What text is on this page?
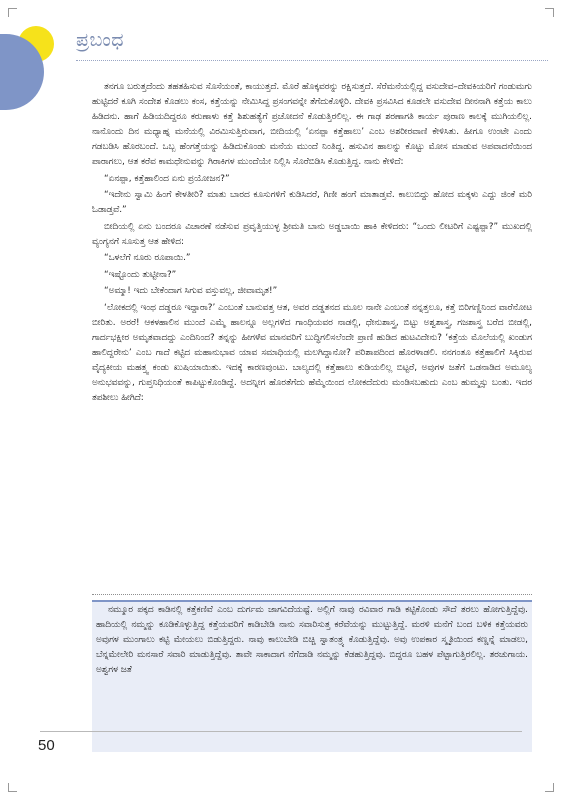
ಪ್ರಬಂಧ

ತನಗೂ ಬರುತ್ತದೆಂದು ತಹತಹಿಸುವ ಸೊಸೆಯಂತೆ, ಕಾಯುತ್ತದೆ. ಮೊರೆ ಹೊಕ್ಕವರನ್ನು ರಕ್ಷಿಸುತ್ತದೆ. ಸೆರೆಮನೆಯಲ್ಲಿದ್ದ ವಸುದೇವ–ದೇವಕಿಯರಿಗೆ ಗಂಡುಮಗು ಹುಟ್ಟಿದರೆ ಕೂಗಿ ಸಂದೇಶ ಕೊಡಲು ಕಂಸ, ಕತ್ತೆಯನ್ನು ನೇಮಿಸಿದ್ದ ಪ್ರಸಂಗವನ್ನೇ ತೆಗೆದುಕೊಳ್ಳಿರಿ. ದೇವಕಿ ಪ್ರಸವಿಸಿದ ಕೂಡಲೇ ವಸುದೇವ ದೀನನಾಗಿ ಕತ್ತೆಯ ಕಾಲು ಹಿಡಿದನು. ಹಾಗೆ ಹಿಡಿಯದಿದ್ದರೂ ಕರುಣಾಳು ಕತ್ತೆ ಶಿಶುಹತ್ಯೆಗೆ ಪ್ರಚೋದನೆ ಕೊಡುತ್ತಿರಲಿಲ್ಲ. ಈ ಗಾಢ ಶರಣಾಗತಿ ಕಾರ್ಯ ಪುರಾಣ ಕಾಲಕ್ಕೆ ಮುಗಿಯಲಿಲ್ಲ. ನಾನೊಂದು ದಿನ ಮಧ್ಯಾಹ್ನ ಮನೆಯಲ್ಲಿ ವಿರಮಿಸುತ್ತಿರುವಾಗ, ಬೀದಿಯಲ್ಲಿ ‘ಏನಪ್ಪಾ ಕತ್ತೆಹಾಲು’ ಎಂಬ ಅಶರೀರವಾಣಿ ಕೇಳಿಸಿತು. ಹೀಗೂ ಉಂಟೇ ಎಂದು ಗಡಬಡಿಸಿ ಹೊರಬಂದೆ. ಒಬ್ಬ ಹೆಂಗತ್ತೆಯನ್ನು ಹಿಡಿದುಕೊಂಡು ಮನೆಯ ಮುಂದೆ ನಿಂತಿದ್ದ. ಹಸುವಿನ ಹಾಲನ್ನು ಕೊಟ್ಟು ಮೋಸ ಮಾಡುವ ಅಪವಾದನೆಯಿಂದ ಪಾರಾಗಲು, ಆತ ಕರೆವ ಕಾಮಧೇನುವನ್ನು ಗಿರಾಕಿಗಳ ಮುಂದೆಯೇ ನಿಲ್ಲಿಸಿ ಸೊರೆಬಿಡಿಸಿ ಕೊಡುತ್ತಿದ್ದ. ನಾನು ಕೇಳಿದೆ:

“ಏನಪ್ಪಾ, ಕತ್ತೆಹಾಲಿಂದ ಏನು ಪ್ರಯೋಜನ?”

“ಇದೇನು ಸ್ವಾಮಿ ಹಿಂಗೆ ಕೇಳತೀರಿ? ಮಾತು ಬಾರದ ಕೂಸುಗಳಿಗೆ ಕುಡಿಸಿದರೆ, ಗಿಣೀ ಹಂಗೆ ಮಾತಾಡ್ತವೆ. ಕಾಲುಬಿದ್ದು ಹೋದ ಮಕ್ಕಳು ಎದ್ದು ಜಿಂಕೆ ಮರಿ ಓಡಾಡ್ತವೆ.”

ಬೀದಿಯಲ್ಲಿ ಏನು ಬಂದರೂ ವಿಚಾರಣೆ ನಡೆಸುವ ಪ್ರವೃತ್ತಿಯುಳ್ಳ ಶ್ರೀಮತಿ ಬಾನು ಅಡ್ಡಬಾಯಿ ಹಾಕಿ ಕೇಳಿದರು: “ಒಂದು ಲೀಟರಿಗೆ ಎಷ್ಟಪ್ಪಾ?” ಮುಖದಲ್ಲಿ ವ್ಯಂಗ್ಯನಗೆ ಸೂಸುತ್ತ ಆತ ಹೇಳಿದ:

“ಒಳಲೆಗೆ ನೂರು ರೂಪಾಯಿ.”

“ಇಷ್ಟೊಂದು ತುಟ್ಟೀನಾ?”

“ಅಮ್ಮಾ! ಇದು ಬೇಕೆಂದಾಗ ಸಿಗುವ ವಸ್ತುವಲ್ಲ, ಜೀವಾಮೃತ!”

‘ಲೋಕದಲ್ಲಿ ಇಂಥ ದಡ್ಡರೂ ಇದ್ದಾರಾ?’ ಎಂಬಂತೆ ಬಾನುವತ್ತ ಆತ, ಅವರ ದಡ್ಡತನದ ಮೂಲ ನಾನೇ ಎಂಬಂತೆ ನನ್ನತ್ತಲೂ, ಕತ್ತೆ ಬಿರಿಗಣ್ಣಿನಿಂದ ವಾರೆನೋಟ ಬೀರಿತು. ಅರರೆ! ಆಕಳಹಾಲಿನ ಮುಂದೆ ಎಮ್ಮೆ ಹಾಲನ್ನೂ ಅಲ್ಲಗಳೆದ ಗಾಂಧಿಯವರ ನಾಡಲ್ಲಿ, ಧೇನುಶಾಸ್ತ್ರ, ಬಿಟ್ಟು ಅಶ್ವಶಾಸ್ತ್ರ, ಗಜಶಾಸ್ತ್ರ ಬರೆದ ಬೀಡಲ್ಲಿ, ಗಾರ್ದಭಕ್ಷೀರ ಅಮೃತವಾದದ್ದು ಎಂದಿನಿಂದ? ತನ್ನನ್ನು ಹೀಗಳೆವ ಮಾನವರಿಗೆ ಬುದ್ಧಿಗಲಿಸಲೆಂದೇ ಪ್ರಾಣಿ ಹುಡಿದ ಹುಟವಿದೇನು? ‘ಕತ್ತೆಯ ಮೊಲೆಯಲ್ಲಿ ಖಂಡುಗ ಹಾಲಿದ್ದರೇನು’ ಎಂಬ ಗಾದೆ ಕಟ್ಟಿದ ಮಹಾನುಭಾವ ಯಾವ ಸಮಾಧಿಯಲ್ಲಿ ಮಲಗಿದ್ದಾನೋ? ಪರಿಶಾಪದಿಂದ ಹೊರಳಾಡಲಿ. ನನಗಂತೂ ಕತ್ತೆಹಾಲಿಗೆ ಸಿಕ್ಕಿರುವ ವೈದ್ಯಕೀಯ ಮಹತ್ತ್ವ ಕಂಡು ಖುಷಿಯಾಯಿತು. ಇದಕ್ಕೆ ಕಾರಣವುಂಟು. ಬಾಲ್ಯದಲ್ಲಿ ಕತ್ತೆಹಾಲು ಕುಡಿಯಲಿಲ್ಲ ಬಿಟ್ಟರೆ, ಅವುಗಳ ಜತೆಗೆ ಒಡನಾಡಿದ ಅಮೂಲ್ಯ ಅನುಭವವನ್ನು, ಗುಪ್ತನಿಧಿಯಂತೆ ಕಾಪಿಟ್ಟುಕೊಂಡಿದ್ದೆ. ಅದನ್ನೀಗ ಹೊರತೆಗೆದು ಹೆಮ್ಮೆಯಿಂದ ಲೋಕದೆದುರು ಮಂಡಿಸಬಹುದು ಎಂಬ ಹುಮ್ಮಸ್ಸು ಬಂತು. ಇದರ ತಪಶೀಲು ಹೀಗಿದೆ:

ನಮ್ಮೂರ ಪಕ್ಕದ ಕಾಡಿನಲ್ಲಿ ಕತ್ತೆಕಣಿವೆ ಎಂಬ ದುರ್ಗಮ ಜಾಗವಿದೆಯಷ್ಟೆ. ಅಲ್ಲಿಗೆ ನಾವು ರವಿವಾರ ಗಾಡಿ ಕಟ್ಟಿಕೊಂಡು ಸೌದೆ ತರಲು ಹೋಗುತ್ತಿದ್ದೆವು. ಹಾದಿಯಲ್ಲಿ ನಮ್ಮನ್ನು ಕೂಡಿಕೊಳ್ಳುತ್ತಿದ್ದ ಕತ್ತೆಯವರಿಗೆ ಕಾಡಿಬೇಡಿ ನಾನು ಸವಾರಿಸುತ್ತ ಕರೆವೆಯನ್ನು ಮುಟ್ಟುತ್ತಿದ್ದೆ. ಮರಳಿ ಮನೆಗೆ ಬಂದ ಬಳಿಕ ಕತ್ತೆಯವರು ಅವುಗಳ ಮುಂಗಾಲು ಕಟ್ಟಿ ಮೇಯಲು ಬಿಡುತ್ತಿದ್ದರು. ನಾವು ಕಾಲುಬೇಡಿ ಬಿಚ್ಚಿ ಸ್ವಾತಂತ್ರ್ಯ ಕೊಡುತ್ತಿದ್ದೆವು. ಅವು ಉಪಕಾರ ಸ್ಮೃತಿಯಿಂದ ಕಣ್ಣನ್ನೆ ಮಾಡಲು, ಬೆನ್ನಮೇಲೇರಿ ಮನಸಾರೆ ಸವಾರಿ ಮಾಡುತ್ತಿದ್ದೆವು. ತಾವೇ ಸಾಕಾದಾಗ ನೆಗೆದಾಡಿ ನಮ್ಮನ್ನು ಕೆಡಹುತ್ತಿದ್ದವು. ಬಿದ್ದರೂ ಬಹಳ ಪೆಟ್ಟಾಗುತ್ತಿರಲಿಲ್ಲ. ತರಚುಗಾಯ. ಅಶ್ವಗಳ ಜತೆ

50
